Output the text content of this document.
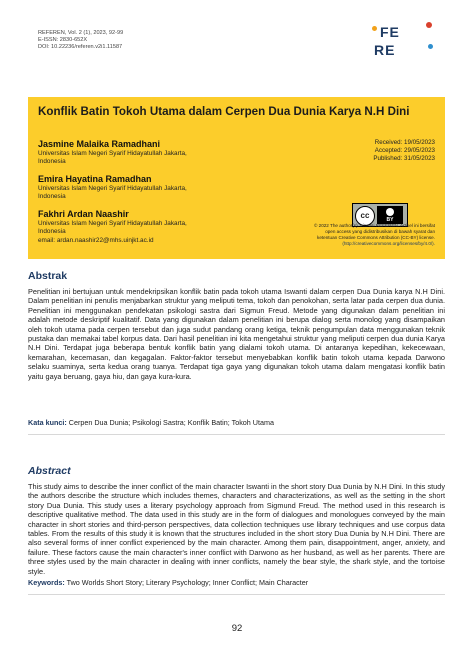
REFEREN, Vol. 2 (1), 2023, 92-99
E-ISSN: 2830-652X
DOI: 10.22236/referen.v2i1.11587
FE
RE
Konflik Batin Tokoh Utama dalam Cerpen Dua Dunia Karya N.H Dini
Jasmine Malaika Ramadhani
Universitas Islam Negeri Syarif Hidayatullah Jakarta,
Indonesia
Emira Hayatina Ramadhan
Universitas Islam Negeri Syarif Hidayatullah Jakarta,
Indonesia
Fakhri Ardan Naashir
Universitas Islam Negeri Syarif Hidayatullah Jakarta,
Indonesia
email: ardan.naashir22@mhs.uinjkt.ac.id
Received: 19/05/2023
Accepted: 29/05/2023
Published: 31/05/2023
cc	BY
© 2022 The author(s). Lisensi REFEREN. Artikel ini bersifat
open access yang didistribusikan di bawah syarat dan
ketentuan Creative Commons Attribution (CC-BY) license.
(http://creativecommons.org/licenses/by/4.0/).
Abstrak
Penelitian ini bertujuan untuk mendekripsikan konflik batin pada tokoh utama Iswanti dalam cerpen Dua Dunia karya N.H Dini. Dalam penelitian ini penulis menjabarkan struktur yang meliputi tema, tokoh dan penokohan, serta latar pada cerpen dua dunia. Penelitian ini menggunakan pendekatan psikologi sastra dari Sigmun Freud. Metode yang digunakan dalam penelitian ini adalah metode deskriptif kualitatif. Data yang digunakan dalam penelitian ini berupa dialog serta monolog yang disampaikan oleh tokoh utama pada cerpen tersebut dan juga sudut pandang orang ketiga, teknik pengumpulan data menggunakan teknik pustaka dan memakai tabel korpus data. Dari hasil penelitian ini kita mengetahui struktur yang meliputi cerpen dua dunia Karya N.H Dini. Terdapat juga beberapa bentuk konflik batin yang dialami tokoh utama. Di antaranya kepedihan, kekecewaan, kemarahan, kecemasan, dan kegagalan. Faktor-faktor tersebut menyebabkan konflik batin tokoh utama kepada Darwono selaku suaminya, serta kedua orang tuanya. Terdapat tiga gaya yang digunakan tokoh utama dalam mengatasi konflik batin yaitu gaya beruang, gaya hiu, dan gaya kura-kura.
Kata kunci: Cerpen Dua Dunia; Psikologi Sastra; Konflik Batin; Tokoh Utama
Abstract
This study aims to describe the inner conflict of the main character Iswanti in the short story Dua Dunia by N.H Dini. In this study the authors describe the structure which includes themes, characters and characterizations, as well as the setting in the short story Dua Dunia. This study uses a literary psychology approach from Sigmund Freud. The method used in this research is descriptive qualitative method. The data used in this study are in the form of dialogues and monologues conveyed by the main character in short stories and third-person perspectives, data collection techniques use library techniques and use corpus data tables. From the results of this study it is known that the structures included in the short story Dua Dunia by N.H Dini. There are also several forms of inner conflict experienced by the main character. Among them pain, disappointment, anger, anxiety, and failure. These factors cause the main character's inner conflict with Darwono as her husband, as well as her parents. There are three styles used by the main character in dealing with inner conflicts, namely the bear style, the shark style, and the tortoise style.
Keywords: Two Worlds Short Story; Literary Psychology; Inner Conflict; Main Character
92
